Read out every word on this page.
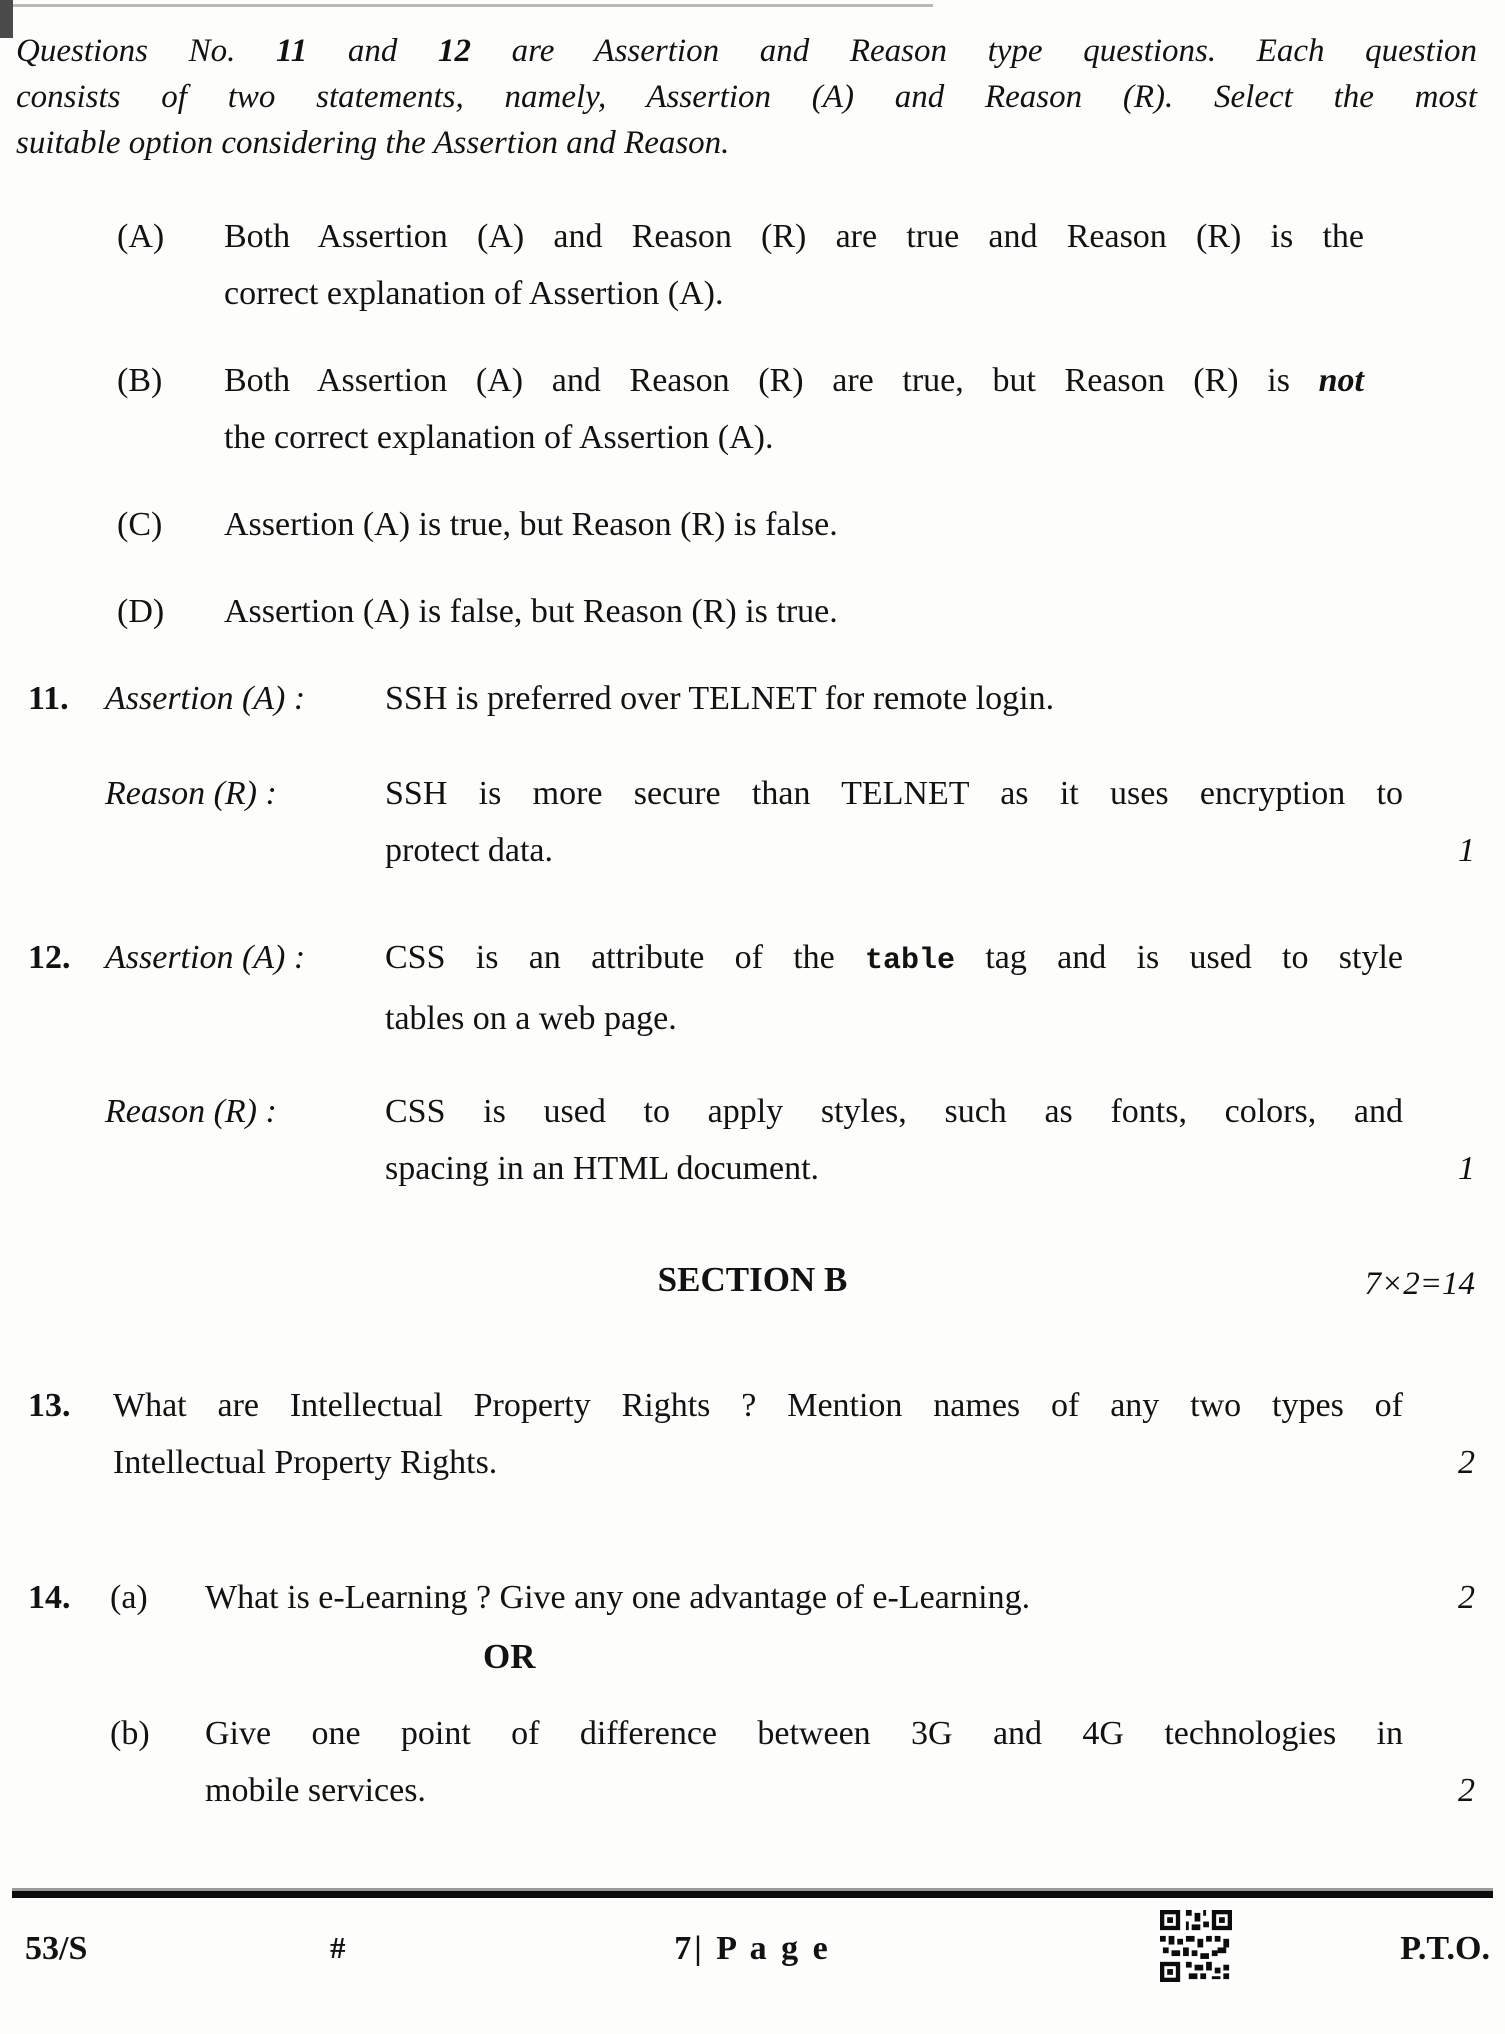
Questions No. 11 and 12 are Assertion and Reason type questions. Each question
consists of two statements, namely, Assertion (A) and Reason (R). Select the most
suitable option considering the Assertion and Reason.
(A)	Both Assertion (A) and Reason (R) are true and Reason (R) is the
correct explanation of Assertion (A).
(B)	Both Assertion (A) and Reason (R) are true, but Reason (R) is not
the correct explanation of Assertion (A).
(C)	Assertion (A) is true, but Reason (R) is false.
(D)	Assertion (A) is false, but Reason (R) is true.
11.	Assertion (A) :	SSH is preferred over TELNET for remote login.
Reason (R) :	SSH is more secure than TELNET as it uses encryption to
protect data.	1
12.	Assertion (A) :	CSS is an attribute of the table tag and is used to style
tables on a web page.
Reason (R) :	CSS is used to apply styles, such as fonts, colors, and
spacing in an HTML document.	1
SECTION B	7×2=14
13.	What are Intellectual Property Rights ? Mention names of any two types of
Intellectual Property Rights.	2
14.	(a)	What is e-Learning ? Give any one advantage of e-Learning.	2
OR
(b)	Give one point of difference between 3G and 4G technologies in
mobile services.	2
53/S	#	7| P a g e	P.T.O.
